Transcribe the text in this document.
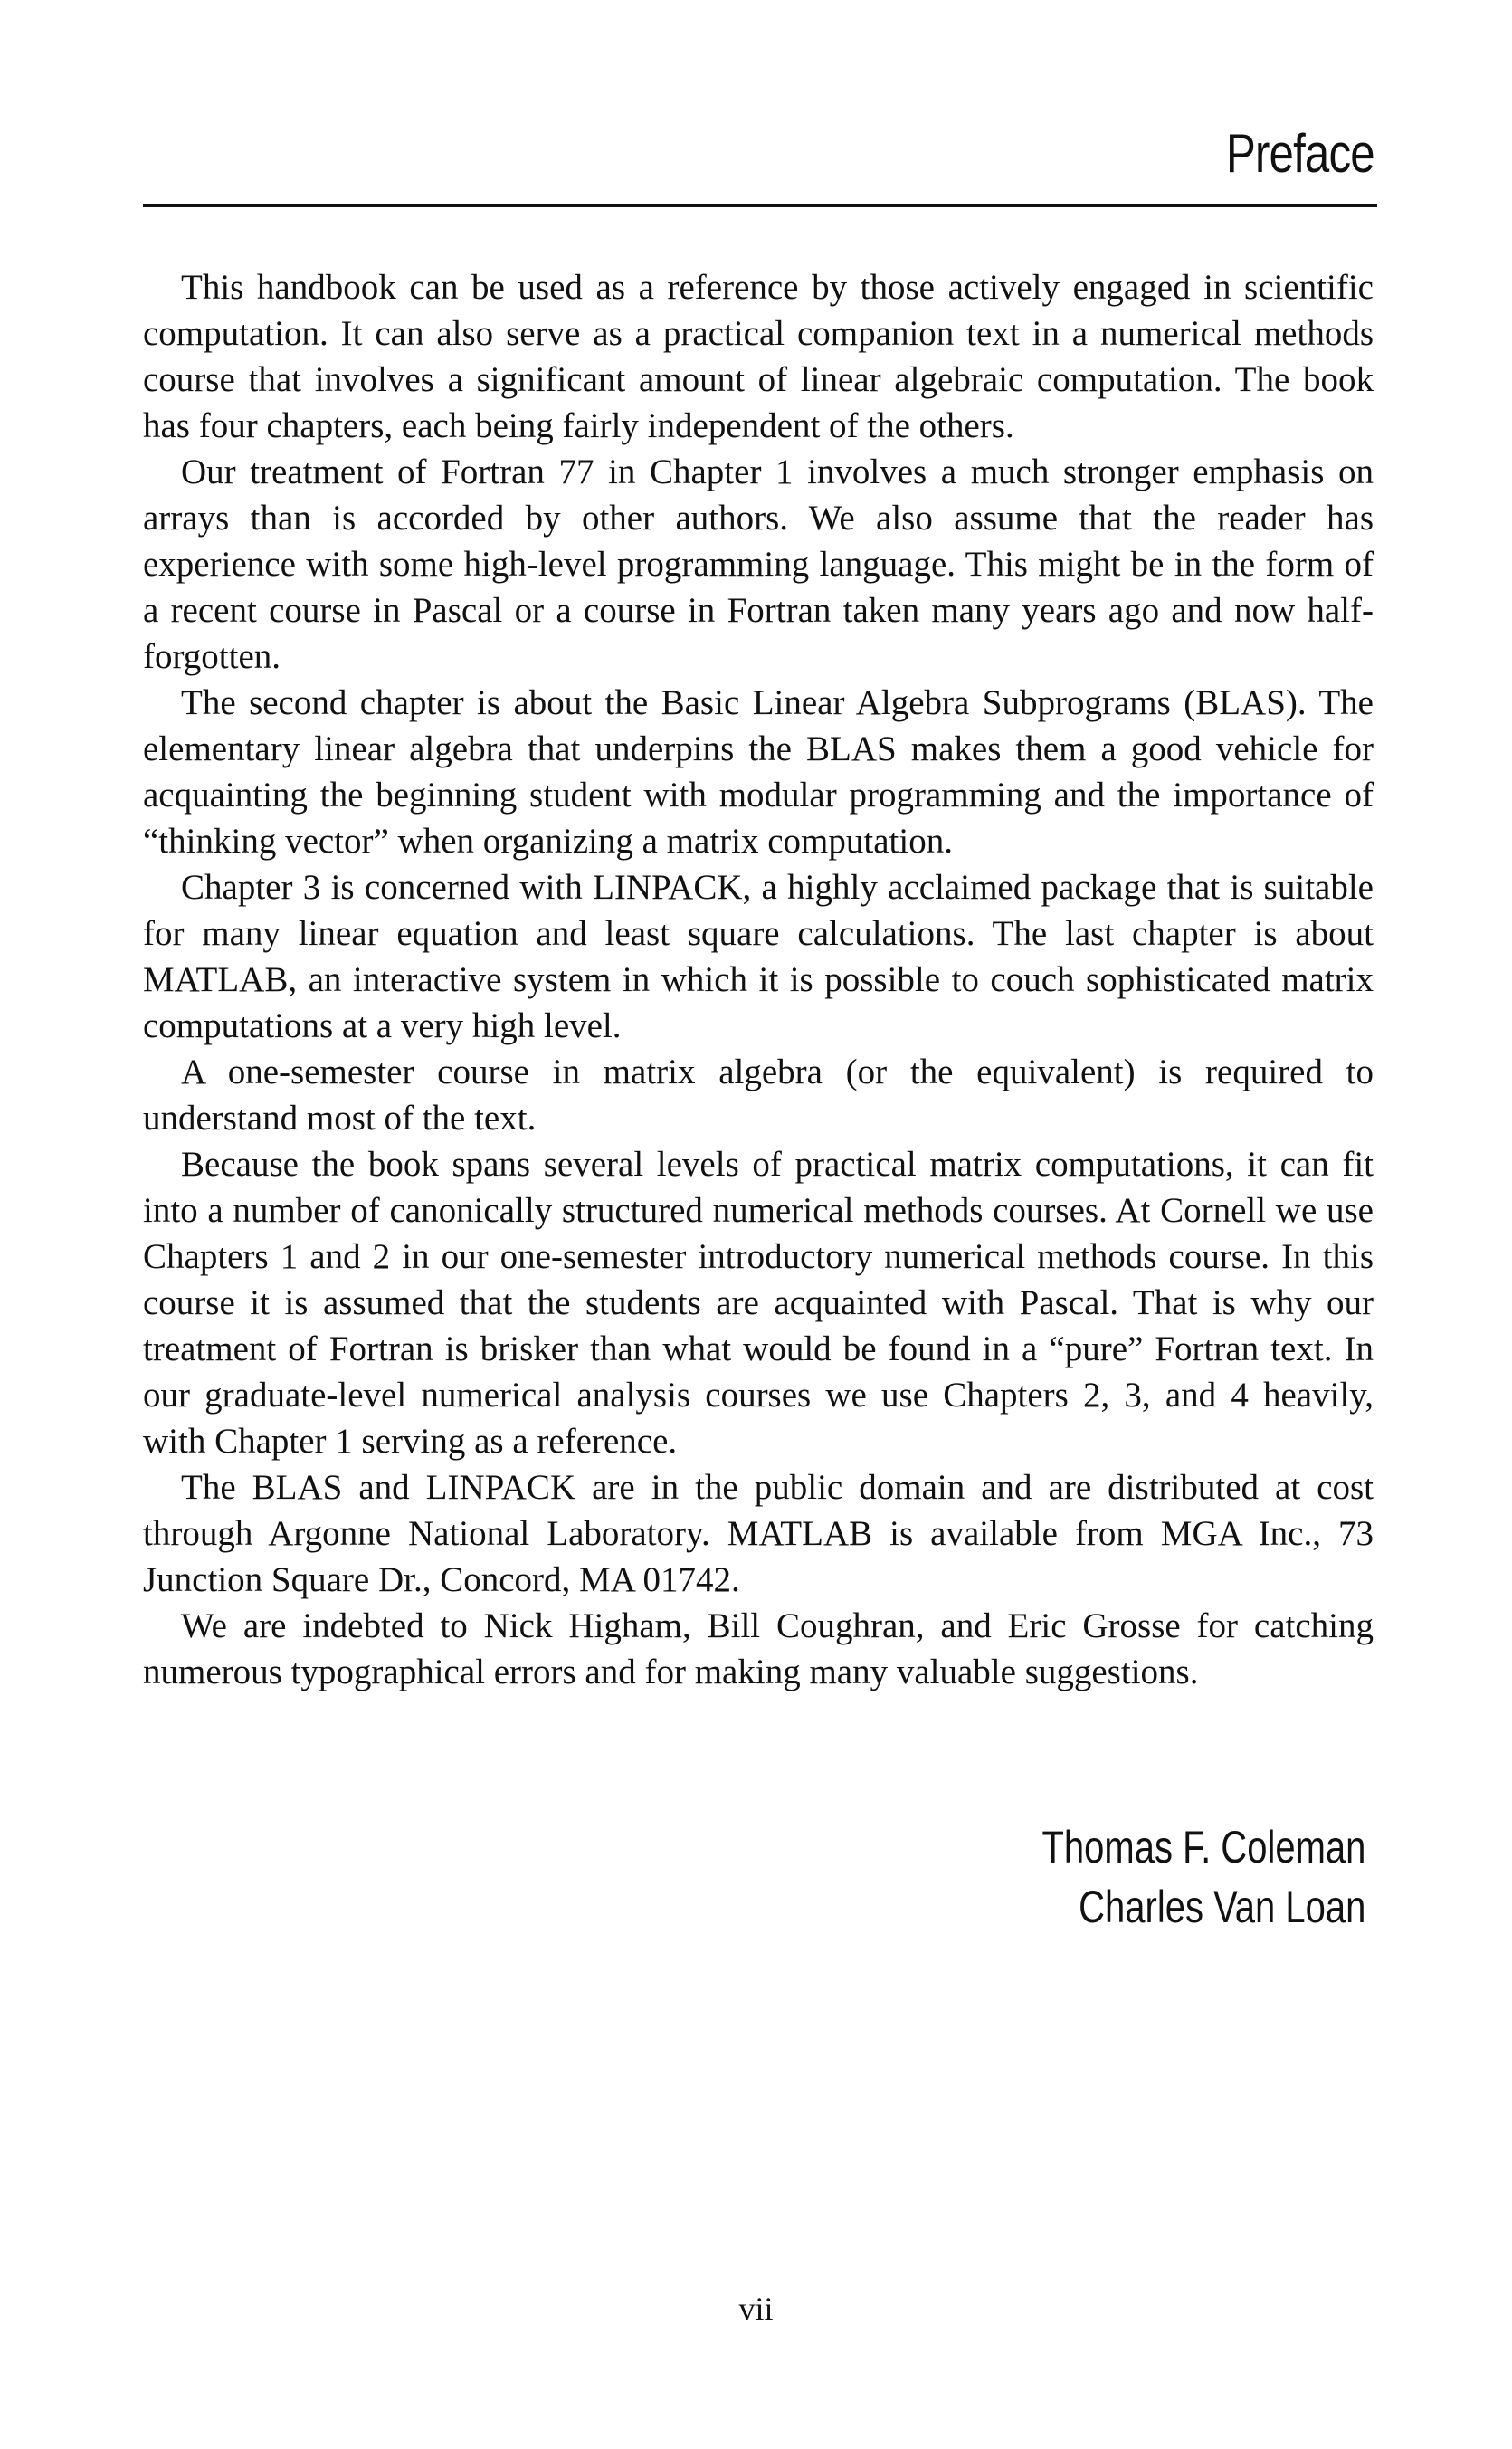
Preface

This handbook can be used as a reference by those actively engaged in scientific computation. It can also serve as a practical companion text in a numerical methods course that involves a significant amount of linear algebraic computation. The book has four chapters, each being fairly independent of the others.

Our treatment of Fortran 77 in Chapter 1 involves a much stronger emphasis on arrays than is accorded by other authors. We also assume that the reader has experience with some high-level programming language. This might be in the form of a recent course in Pascal or a course in Fortran taken many years ago and now half-forgotten.

The second chapter is about the Basic Linear Algebra Subprograms (BLAS). The elementary linear algebra that underpins the BLAS makes them a good vehicle for acquainting the beginning student with modular programming and the importance of “thinking vector” when organizing a matrix computation.

Chapter 3 is concerned with LINPACK, a highly acclaimed package that is suitable for many linear equation and least square calculations. The last chapter is about MATLAB, an interactive system in which it is possible to couch sophisticated matrix computations at a very high level.

A one-semester course in matrix algebra (or the equivalent) is required to understand most of the text.

Because the book spans several levels of practical matrix computations, it can fit into a number of canonically structured numerical methods courses. At Cornell we use Chapters 1 and 2 in our one-semester introductory numerical methods course. In this course it is assumed that the students are acquainted with Pascal. That is why our treatment of Fortran is brisker than what would be found in a “pure” Fortran text. In our graduate-level numerical analysis courses we use Chapters 2, 3, and 4 heavily, with Chapter 1 serving as a reference.

The BLAS and LINPACK are in the public domain and are distributed at cost through Argonne National Laboratory. MATLAB is available from MGA Inc., 73 Junction Square Dr., Concord, MA 01742.

We are indebted to Nick Higham, Bill Coughran, and Eric Grosse for catching numerous typographical errors and for making many valuable suggestions.

Thomas F. Coleman
Charles Van Loan
vii
